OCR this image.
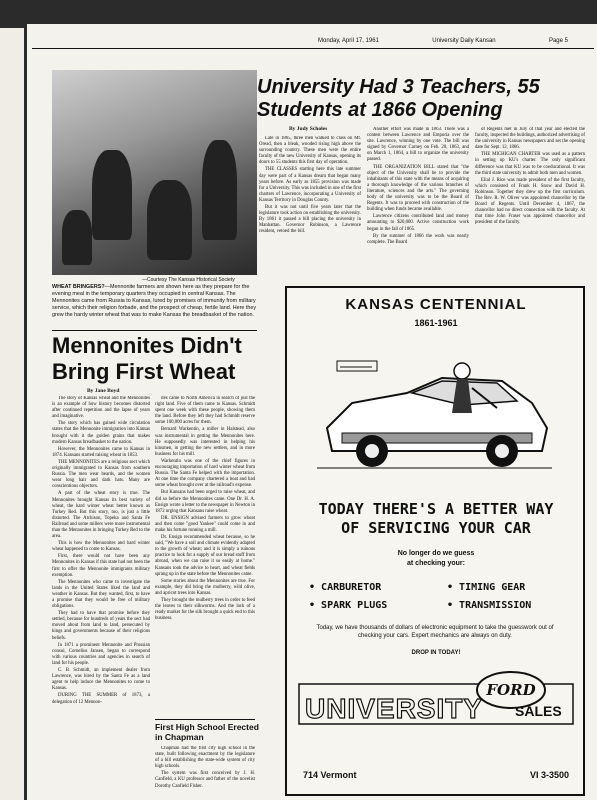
Monday, April 17, 1961	University Daily Kansan	Page 5
—Courtesy The Kansas Historical Society
WHEAT BRINGERS?—Mennonite farmers are shown here as they prepare for the evening meal in the temporary quarters they occupied in central Kansas. The Mennonites came from Russia to Kansas, lured by promises of immunity from military service, which their religion forbade, and the prospect of cheap, fertile land. Here they grew the hardy winter wheat that was to make Kansas the breadbasket of the nation.
Mennonites Didn't Bring First Wheat
By Jane Boyd

The story of Kansas wheat and the Mennonites is an example of how history becomes distorted after continued repetition and the lapse of years and imaginative.

The story which has gained wide circulation states that the Mennonite immigration into Kansas brought with it the golden grains that makes modern Kansas breadbasket to the nation.

However, the Mennonites came to Kansas in 1874. Kansans started raising wheat in 1853.

THE MENNONITES are a religious sect which originally immigrated to Kansas from southern Russia. The men wear beards, and the women wear long hair and dark hats. Many are conscientious objectors.

A part of the wheat story is true. The Mennonites brought Kansas its best variety of wheat, the hard winter wheat better known as Turkey Red. But this story, too, is just a little distorted. The Atchison, Topeka and Santa Fe Railroad and some millers were more instrumental than the Mennonites in bringing Turkey Red to the area.

This is how the Mennonites and hard winter wheat happened to come to Kansas.

First, there would not have been any Mennonites in Kansas if this state had not been the first to offer the Mennonite immigrants military exemption.

The Mennonites who came to investigate the lands in the United States liked the land and weather in Kansas. But they wanted, first, to have a promise that they would be free of military obligations.

They had to have that promise before they settled, because for hundreds of years the sect had moved about from land to land, persecuted by kings and governments because of their religious beliefs.

In 1871 a prominent Mennonite and Prussian consul, Cornelius Jansen, began to correspond with various countries and agencies in search of land for his people.

C. B. Schmidt, an implement dealer from Lawrence, was hired by the Santa Fe as a land agent to help induce the Mennonites to come to Kansas.

DURING THE SUMMER of 1873, a delegation of 12 Mennon-

ites came to North America in search of just the right land. Five of them came to Kansas. Schmidt spent one week with these people, showing them the land. Before they left they had Schmidt reserve some 100,000 acres for them.

Bernard Warkentin, a miller in Halstead, also was instrumental in getting the Mennonites here. He supposedly was interested in helping his kinsmen, in getting the new settlers, and in more business for his mill.

Warkentin was one of the chief figures in encouraging importation of hard winter wheat from Russia. The Santa Fe helped with the importation. At one time the company chartered a boat and had some wheat brought over at the railroad's expense.

But Kansans had been urged to raise wheat, and did so before the Mennonites came. One Dr. H. A. Ensign wrote a letter to the newspaper in Newton in 1872 urging that Kansans raise wheat.

DR. ENSIGN advised farmers to grow wheat and then come "good Yankee" could come in and make his fortune running a mill.

Dr. Ensign recommended wheat because, so he said, "We have a soil and climate evidently adapted to the growth of wheat; and it is simply a ruinous practice to look for a supply of our bread stuff from abroad, when we can raise it so easily at home." Kansans took the advice to heart, and wheat fields sprang up in the state before the Mennonites came.

Some stories about the Mennonites are true. For example, they did bring the mulberry, wild olive, and apricot trees into Kansas.

They brought the mulberry trees in order to feed the leaves to their silkworms. And the lack of a ready market for the silk brought a quick end to this business.

First High School Erected in Chapman

Chapman had the first city high school in the state, built following enactment by the legislature of a bill establishing the state-wide system of city high schools.

The system was first conceived by J. H. Canfield, a KU professor and father of the novelist Dorothy Canfield Fisher.

University Had 3 Teachers, 55 Students at 1866 Opening
By Judy Scholes

Late in 1865, three men walked to class on Mt. Oread, then a bleak, wooded rising high above the surrounding country. These men were the entire faculty of the new University of Kansas, opening its doors to 55 students this first day of operation.

THE CLASSES starting here this late summer day were part of a Kansas dream that began many years before. As early as 1855 provision was made for a University. This was included in one of the first charters of Lawrence, incorporating a University of Kansas Territory in Douglas County.

But it was not until five years later that the legislature took action on establishing the university. By 1861 it passed a bill placing the university in Manhattan. Governor Robinson, a Lawrence resident, vetoed the bill.

Another effort was made in 1863. There was a contest between Lawrence and Emporia over the site. Lawrence, winning by one vote. The bill was signed by Governor Carney on Feb. 20, 1863, and on March 1, 1864, a bill to organize the university passed.

THE ORGANIZATION BILL stated that "the object of the University shall be to provide the inhabitants of this state with the means of acquiring a thorough knowledge of the various branches of literature, sciences and the arts." The governing body of the university was to be the Board of Regents. It was to proceed with construction of the building when funds became available.

Lawrence citizens contributed land and money amounting to $20,000. Active construction work began in the fall of 1865.

By the summer of 1866 the work was nearly complete. The Board

of Regents met in July of that year and elected the faculty, inspected the buildings, authorized advertising of the university in Kansas newspapers and set the opening date for Sept. 12, 1866.

THE MICHIGAN CHARTER was used as a pattern in setting up KU's charter. The only significant difference was that KU was to be coeducational. It was the third state university to admit both men and women.

Elial J. Rice was made president of the first faculty, which consisted of Frank H. Snow and David H. Robinson. Together they drew up the first curriculum. The Rev. R. W. Oliver was appointed chancellor by the Board of Regents. Until December 4, 1867, the chancellor had no direct connection with the faculty. At that time John Fraser was appointed chancellor and president of the faculty.

KANSAS CENTENNIAL
1861-1961
TODAY THERE'S A BETTER WAY
OF SERVICING YOUR CAR
No longer do we guess
at checking your:
• CARBURETOR	• TIMING GEAR
• SPARK PLUGS	• TRANSMISSION
Today, we have thousands of dollars of electronic equipment to take the guesswork out of checking your cars. Expert mechanics are always on duty.
DROP IN TODAY!
FORD
UNIVERSITY SALES
714 Vermont	VI 3-3500
